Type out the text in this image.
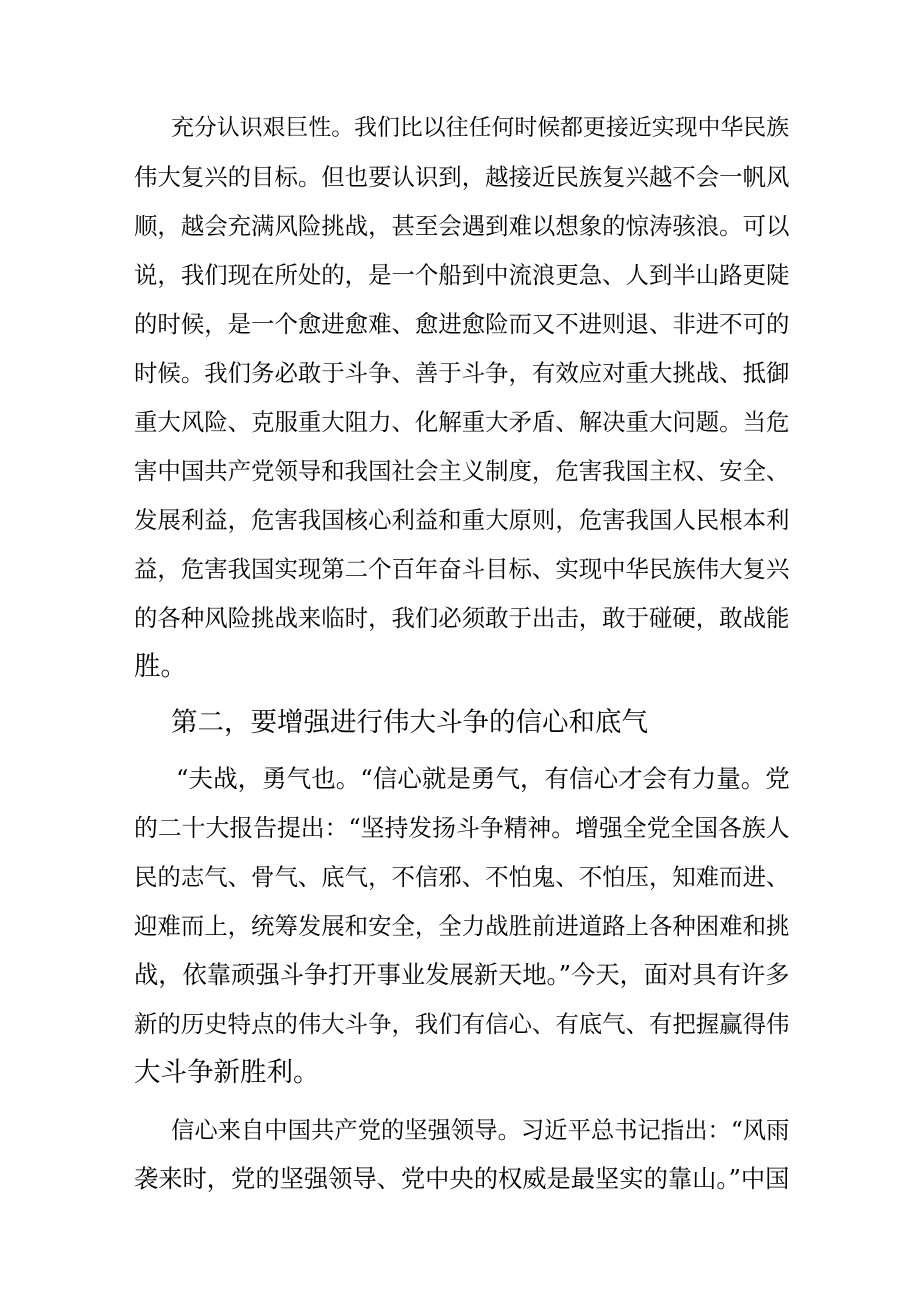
充分认识艰巨性。我们比以往任何时候都更接近实现中华民族
伟大复兴的目标。但也要认识到，越接近民族复兴越不会一帆风
顺，越会充满风险挑战，甚至会遇到难以想象的惊涛骇浪。可以
说，我们现在所处的，是一个船到中流浪更急、人到半山路更陡
的时候，是一个愈进愈难、愈进愈险而又不进则退、非进不可的
时候。我们务必敢于斗争、善于斗争，有效应对重大挑战、抵御
重大风险、克服重大阻力、化解重大矛盾、解决重大问题。当危
害中国共产党领导和我国社会主义制度，危害我国主权、安全、
发展利益，危害我国核心利益和重大原则，危害我国人民根本利
益，危害我国实现第二个百年奋斗目标、实现中华民族伟大复兴
的各种风险挑战来临时，我们必须敢于出击，敢于碰硬，敢战能
胜。
第二，要增强进行伟大斗争的信心和底气
“夫战，勇气也。“信心就是勇气，有信心才会有力量。党
的二十大报告提出：“坚持发扬斗争精神。增强全党全国各族人
民的志气、骨气、底气，不信邪、不怕鬼、不怕压，知难而进、
迎难而上，统筹发展和安全，全力战胜前进道路上各种困难和挑
战，依靠顽强斗争打开事业发展新天地。”今天，面对具有许多
新的历史特点的伟大斗争，我们有信心、有底气、有把握赢得伟
大斗争新胜利。
信心来自中国共产党的坚强领导。习近平总书记指出：“风雨
袭来时，党的坚强领导、党中央的权威是最坚实的靠山。”中国
